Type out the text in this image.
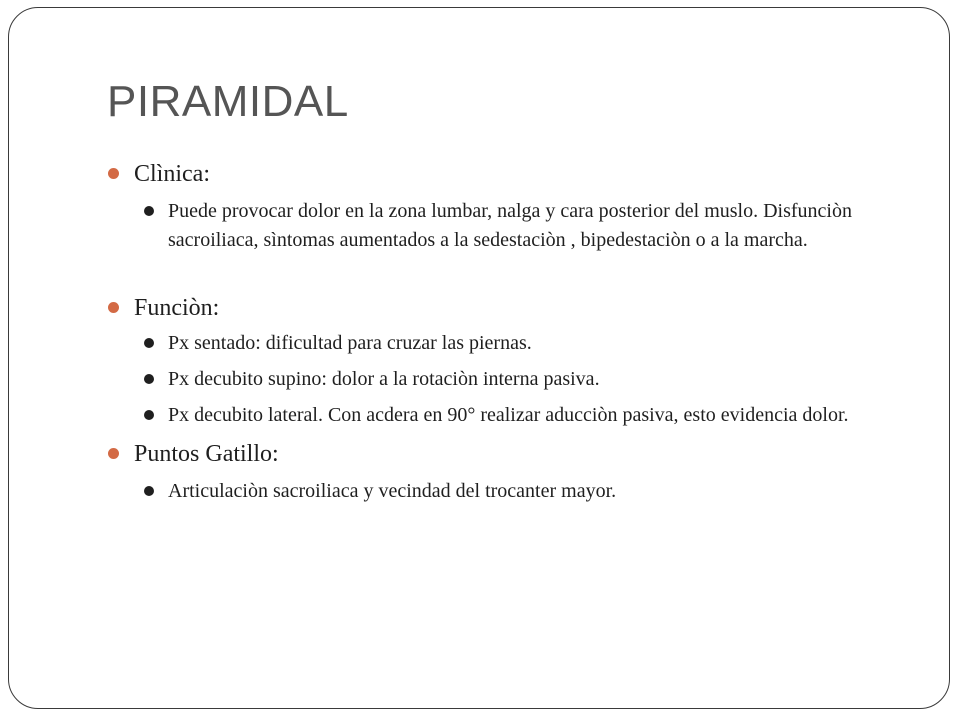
PIRAMIDAL
Clìnica:
Puede provocar dolor en la zona lumbar, nalga y cara posterior del muslo. Disfunciòn sacroiliaca, sìntomas aumentados a la sedestaciòn , bipedestaciòn o a la marcha.
Funciòn:
Px sentado: dificultad para cruzar las piernas.
Px decubito supino: dolor a la rotaciòn interna pasiva.
Px decubito lateral. Con acdera en 90° realizar aducciòn pasiva, esto evidencia dolor.
Puntos Gatillo:
Articulaciòn sacroiliaca y vecindad del trocanter mayor.
